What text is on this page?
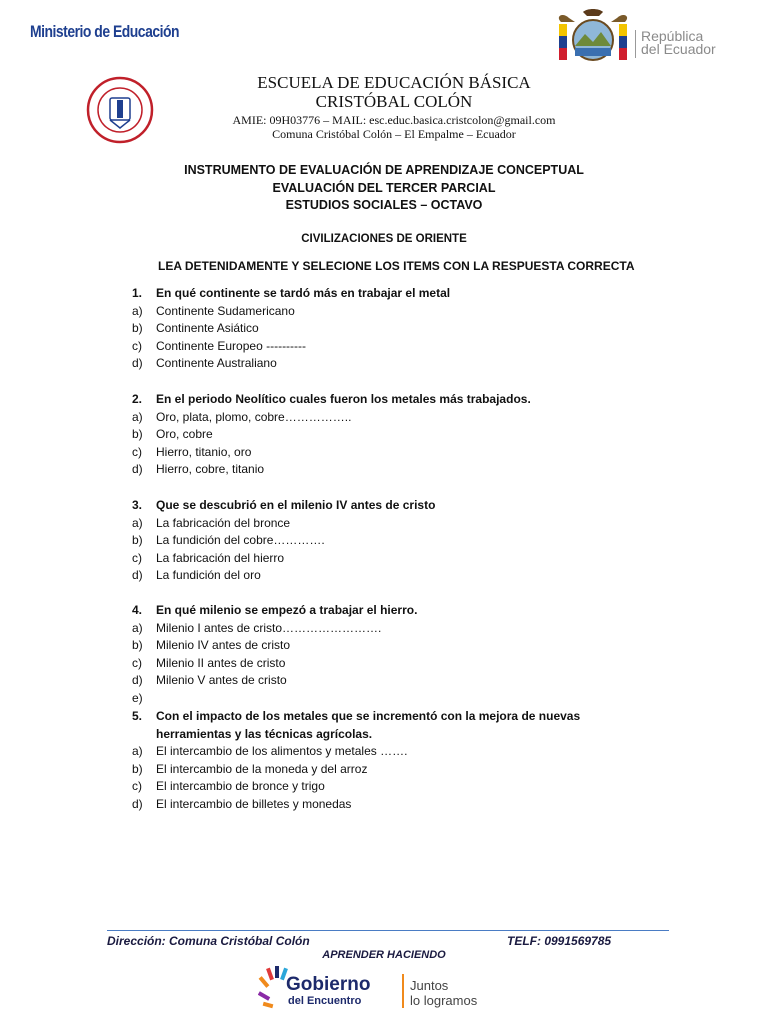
Ministerio de Educación	República
del Ecuador
ESCUELA DE EDUCACIÓN BÁSICA
CRISTÓBAL COLÓN
AMIE: 09H03776 – MAIL: esc.educ.basica.cristcolon@gmail.com
Comuna Cristóbal Colón – El Empalme – Ecuador
INSTRUMENTO DE EVALUACIÓN DE APRENDIZAJE CONCEPTUAL
EVALUACIÓN DEL TERCER PARCIAL
ESTUDIOS SOCIALES – OCTAVO
CIVILIZACIONES DE ORIENTE
LEA DETENIDAMENTE Y SELECIONE LOS ITEMS CON LA RESPUESTA CORRECTA
1.	En qué continente se tardó más en trabajar el metal
a)	Continente Sudamericano
b)	Continente Asiático
c)	Continente Europeo ----------
d)	Continente Australiano
2.	En el periodo Neolítico cuales fueron los metales más trabajados.
a)	Oro, plata, plomo, cobre……………..
b)	Oro, cobre
c)	Hierro, titanio, oro
d)	Hierro, cobre, titanio
3.	Que se descubrió en el milenio IV antes de cristo
a)	La fabricación del bronce
b)	La fundición del cobre………….
c)	La fabricación del hierro
d)	La fundición del oro
4.	En qué milenio se empezó a trabajar el hierro.
a)	Milenio I antes de cristo…………………….
b)	Milenio IV antes de cristo
c)	Milenio II antes de cristo
d)	Milenio V antes de cristo
e)
5.	Con el impacto de los metales que se incrementó con la mejora de nuevas herramientas y las técnicas agrícolas.
a)	El intercambio de los alimentos y metales …….
b)	El intercambio de la moneda y del arroz
c)	El intercambio de bronce y trigo
d)	El intercambio de billetes y monedas
Dirección: Comuna Cristóbal Colón	TELF: 0991569785
APRENDER HACIENDO
Gobierno
del Encuentro
Juntos
lo logramos
